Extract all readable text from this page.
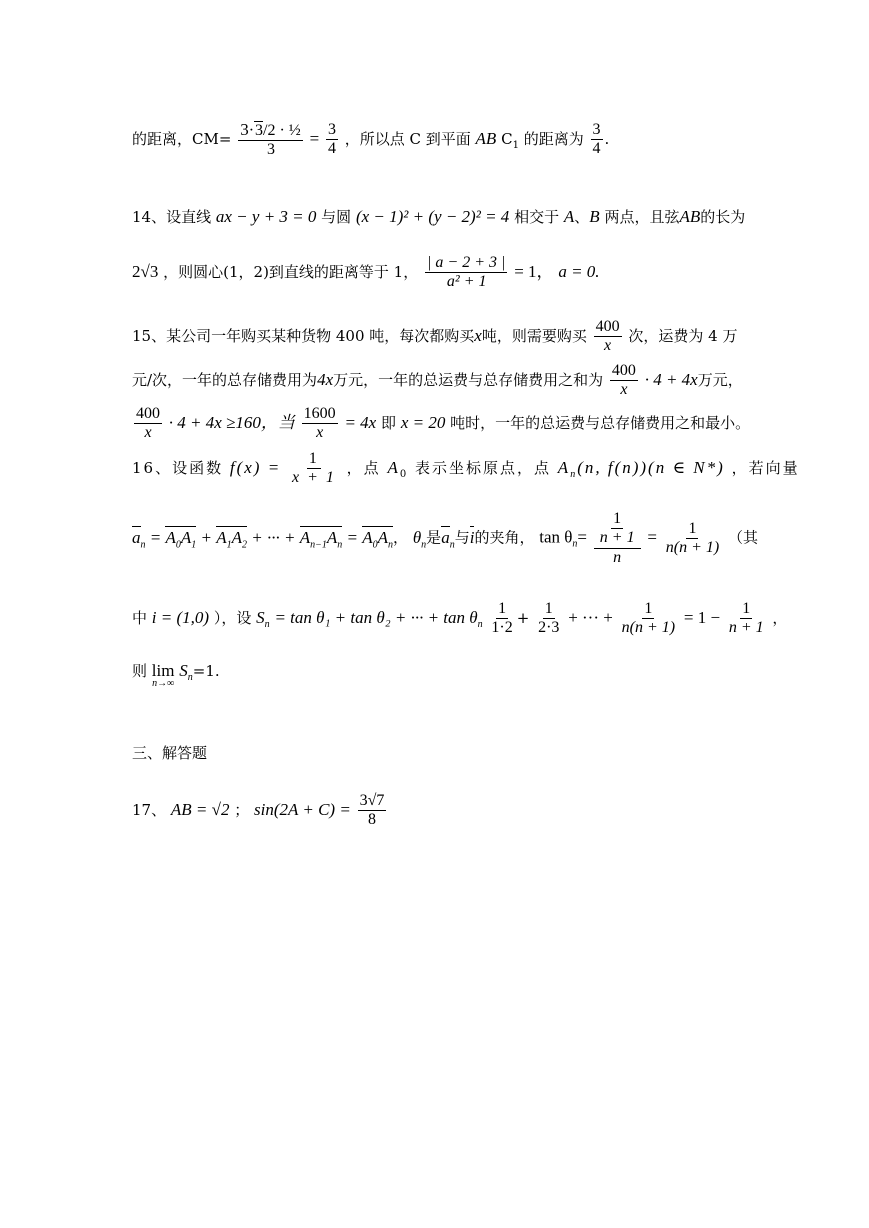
的距离，$CM= \frac{\text{3·3/2 · ½}}{3} = \frac{3}{4}$ ，所以点 C 到平面 AB $C_1$ 的距离为 $\frac{3}{4}$ .
14、设直线 ax − y + 3 = 0 与圆 (x − 1)² + (y − 2)² = 4 相交于 A、B 两点，且弦AB的长为
2√3 ，则圆心(1，2)到直线的距离等于 1， $\frac{| a - 2 + 3 |}{\text{a² + 1}} = 1$， a = 0.
15、某公司一年购买某种货物 400 吨，每次都购买x吨，则需要购买 $\frac{400}{x}$ 次，运费为 4 万
元/次，一年的总存储费用为4x万元，一年的总运费与总存储费用之和为 $\frac{400}{x} \cdot 4 + 4x$万元，
$\frac{400}{x} \cdot 4 + 4x \ge 160$，当 $\frac{1600}{x} = 4x$ 即 x = 20 吨时，一年的总运费与总存储费用之和最小。
16、设函数 $f(x) = \frac{1}{x + 1}$ ，点 $A_0$ 表示坐标原点，点 $A_n(n$, f(n))(n ∈ N*) ，若向量
$a_n = A_0A_1 + A_1A_2$ + ··· + $A_{n-1}A_n = A_0A_n$， $\theta_n$是$a_n$与i的夹角， $\tan \theta_n= \frac{\frac{1}{n + 1}}{n} = \frac{1}{n(n + 1)}$ （其
中 i = (1,0) ），设 $S_n = \tan \theta_1 + \tan \theta_2$ + ··· + $\tan \theta_n \frac{1}{1\cdot 2} + \frac{1}{2\cdot 3}$ + ··· + $\frac{1}{n(n + 1)} = 1 - \frac{1}{n + 1}$ ，
则 lim
n→∞
$S_n=1$.
三、解答题
17、 AB = √2 ； $\sin(2A + C) = \frac{3√7}{8}$
